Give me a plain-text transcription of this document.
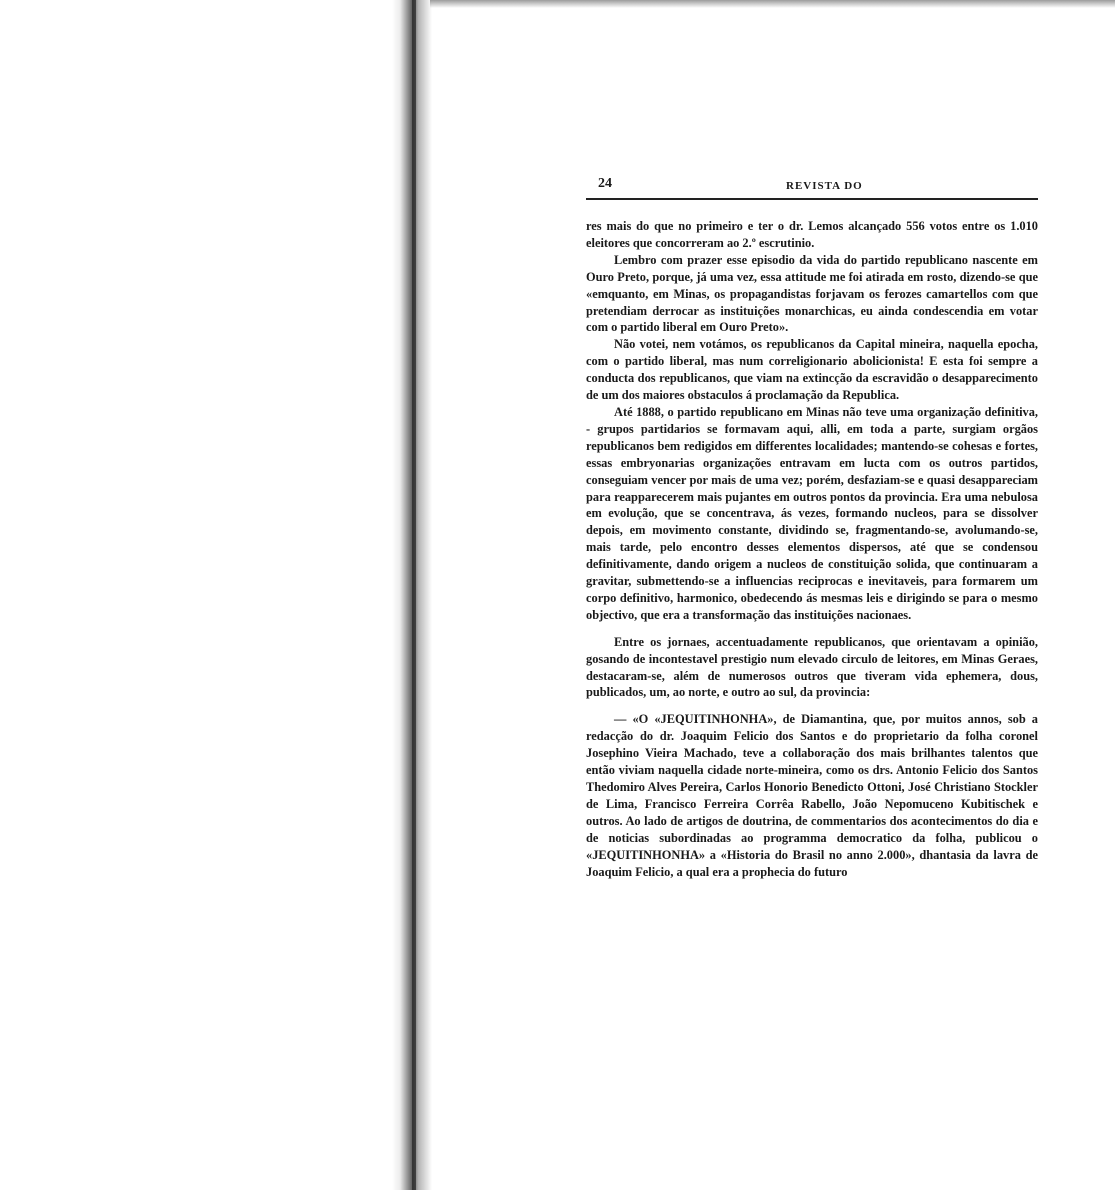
24	REVISTA DO

res mais do que no primeiro e ter o dr. Lemos alcançado 556 votos entre os 1.010 eleitores que concorreram ao 2.º escrutinio.

Lembro com prazer esse episodio da vida do partido republicano nascente em Ouro Preto, porque, já uma vez, essa attitude me foi atirada em rosto, dizendo-se que «emquanto, em Minas, os propagandistas forjavam os ferozes camartellos com que pretendiam derrocar as instituições monarchicas, eu ainda condescendia em votar com o partido liberal em Ouro Preto».

Não votei, nem votámos, os republicanos da Capital mineira, naquella epocha, com o partido liberal, mas num correligionario abolicionista! E esta foi sempre a conducta dos republicanos, que viam na extincção da escravidão o desapparecimento de um dos maiores obstaculos á proclamação da Republica.

Até 1888, o partido republicano em Minas não teve uma organização definitiva, - grupos partidarios se formavam aqui, alli, em toda a parte, surgiam orgãos republicanos bem redigidos em differentes localidades; mantendo-se cohesas e fortes, essas embryonarias organizações entravam em lucta com os outros partidos, conseguiam vencer por mais de uma vez; porém, desfaziam-se e quasi desappareciam para reapparecerem mais pujantes em outros pontos da provincia. Era uma nebulosa em evolução, que se concentrava, ás vezes, formando nucleos, para se dissolver depois, em movimento constante, dividindo se, fragmentando-se, avolumando-se, mais tarde, pelo encontro desses elementos dispersos, até que se condensou definitivamente, dando origem a nucleos de constituição solida, que continuaram a gravitar, submettendo-se a influencias reciprocas e inevitaveis, para formarem um corpo definitivo, harmonico, obedecendo ás mesmas leis e dirigindo se para o mesmo objectivo, que era a transformação das instituições nacionaes.

Entre os jornaes, accentuadamente republicanos, que orientavam a opinião, gosando de incontestavel prestigio num elevado circulo de leitores, em Minas Geraes, destacaram-se, além de numerosos outros que tiveram vida ephemera, dous, publicados, um, ao norte, e outro ao sul, da provincia:

— «O «JEQUITINHONHA», de Diamantina, que, por muitos annos, sob a redacção do dr. Joaquim Felicio dos Santos e do proprietario da folha coronel Josephino Vieira Machado, teve a collaboração dos mais brilhantes talentos que então viviam naquella cidade norte-mineira, como os drs. Antonio Felicio dos Santos Thedomiro Alves Pereira, Carlos Honorio Benedicto Ottoni, José Christiano Stockler de Lima, Francisco Ferreira Corrêa Rabello, João Nepomuceno Kubitischek e outros. Ao lado de artigos de doutrina, de commentarios dos acontecimentos do dia e de noticias subordinadas ao programma democratico da folha, publicou o «JEQUITINHONHA» a «Historia do Brasil no anno 2.000», dhantasia da lavra de Joaquim Felicio, a qual era a prophecia do futuro
